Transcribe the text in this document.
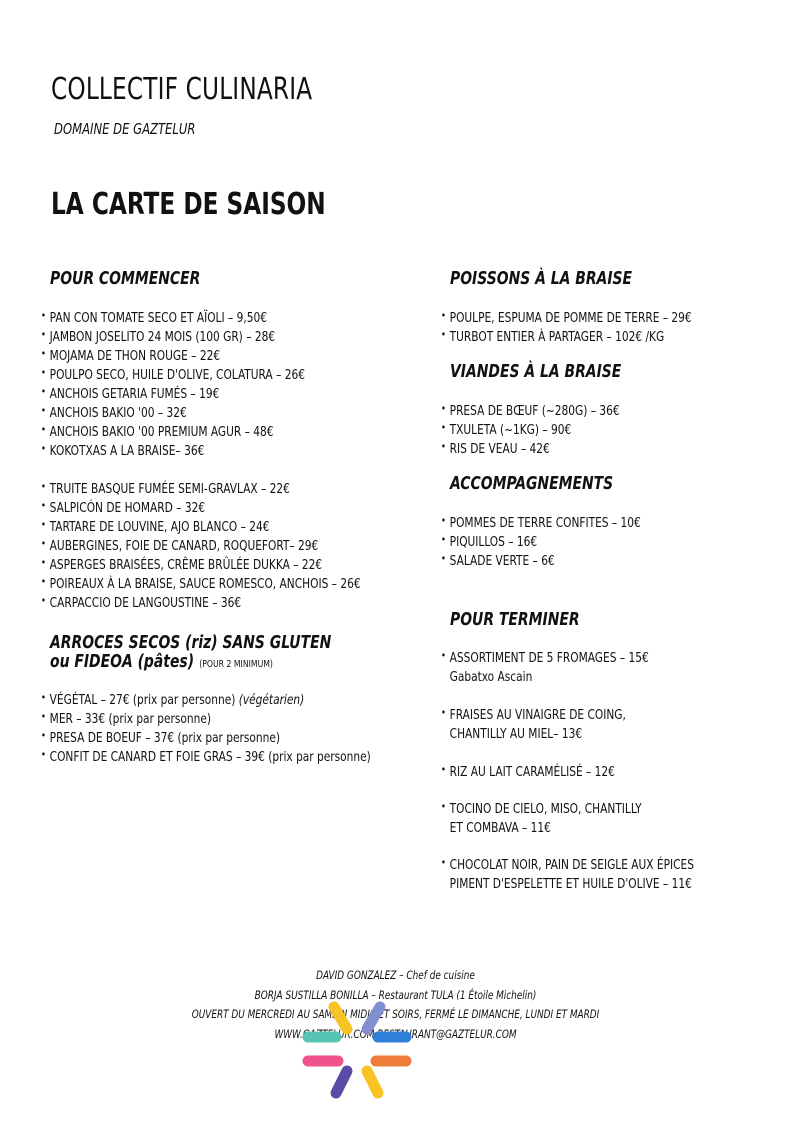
COLLECTIF CULINARIA
DOMAINE DE GAZTELUR
LA CARTE DE SAISON
POUR COMMENCER
• PAN CON TOMATE SECO ET AÏOLI – 9,50€
• JAMBON JOSELITO 24 MOIS (100 GR) – 28€
• MOJAMA DE THON ROUGE – 22€
• POULPO SECO, HUILE D'OLIVE, COLATURA – 26€
• ANCHOIS GETARIA FUMÉS – 19€
• ANCHOIS BAKIO '00 – 32€
• ANCHOIS BAKIO '00 PREMIUM AGUR – 48€
• KOKOTXAS A LA BRAISE– 36€
• TRUITE BASQUE FUMÉE SEMI-GRAVLAX – 22€
• SALPICÓN DE HOMARD – 32€
• TARTARE DE LOUVINE, AJO BLANCO – 24€
• AUBERGINES, FOIE DE CANARD, ROQUEFORT– 29€
• ASPERGES BRAISÉES, CRÊME BRÛLÉE DUKKA – 22€
• POIREAUX À LA BRAISE, SAUCE ROMESCO, ANCHOIS – 26€
• CARPACCIO DE LANGOUSTINE – 36€
ARROCES SECOS (riz) SANS GLUTEN
ou FIDEOA (pâtes) (POUR 2 MINIMUM)
• VÉGÉTAL – 27€ (prix par personne) (végétarien)
• MER – 33€ (prix par personne)
• PRESA DE BOEUF – 37€ (prix par personne)
• CONFIT DE CANARD ET FOIE GRAS – 39€ (prix par personne)
POISSONS À LA BRAISE
• POULPE, ESPUMA DE POMME DE TERRE – 29€
• TURBOT ENTIER À PARTAGER – 102€ /KG
VIANDES À LA BRAISE
• PRESA DE BŒUF (~280G) – 36€
• TXULETA (~1KG) – 90€
• RIS DE VEAU – 42€
ACCOMPAGNEMENTS
• POMMES DE TERRE CONFITES – 10€
• PIQUILLOS – 16€
• SALADE VERTE – 6€
POUR TERMINER
• ASSORTIMENT DE 5 FROMAGES – 15€
Gabatxo Ascain
• FRAISES AU VINAIGRE DE COING,
CHANTILLY AU MIEL– 13€
• RIZ AU LAIT CARAMÉLISÉ – 12€
• TOCINO DE CIELO, MISO, CHANTILLY
ET COMBAVA – 11€
• CHOCOLAT NOIR, PAIN DE SEIGLE AUX ÉPICES
PIMENT D'ESPELETTE ET HUILE D'OLIVE – 11€
DAVID GONZALEZ – Chef de cuisine
BORJA SUSTILLA BONILLA – Restaurant TULA (1 Étoile Michelin)
OUVERT DU MERCREDI AU SAMEDI MIDIS ET SOIRS, FERMÉ LE DIMANCHE, LUNDI ET MARDI
WWW.GAZTELUR.COM RESTAURANT@GAZTELUR.COM
